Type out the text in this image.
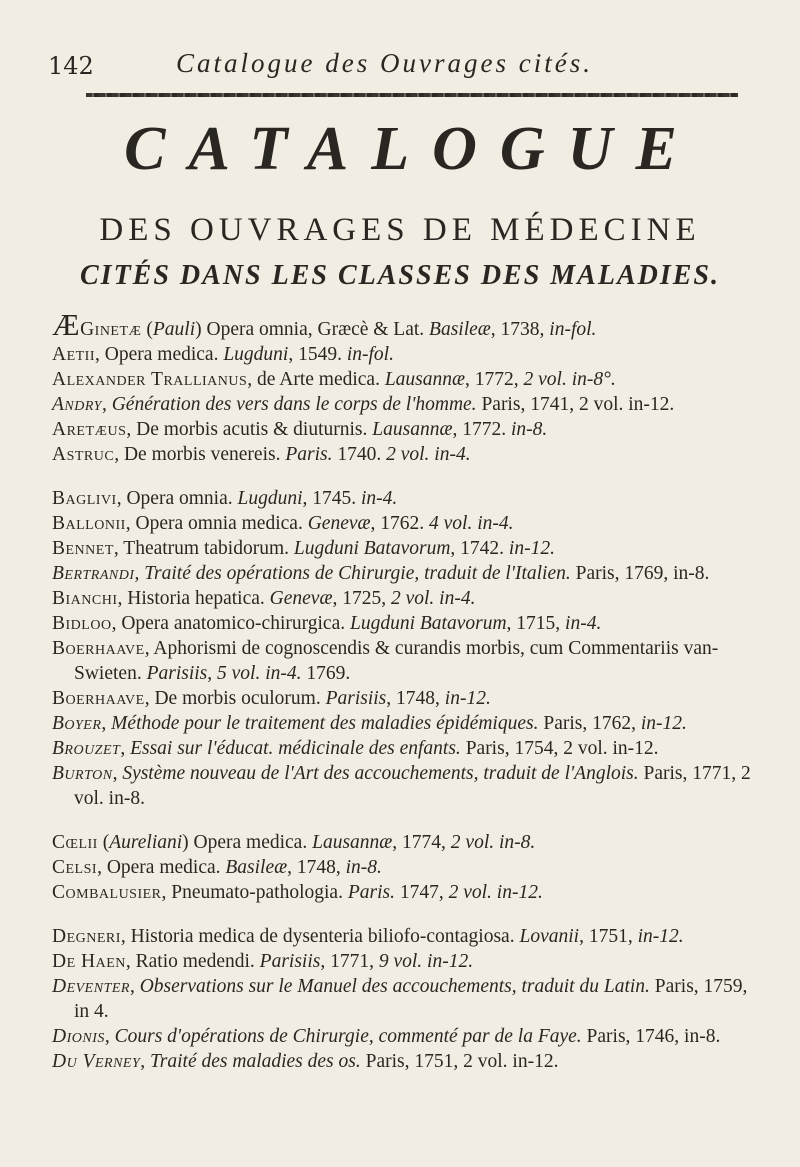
142	Catalogue des Ouvrages cités.
CATALOGUE
DES OUVRAGES DE MÉDECINE
CITÉS DANS LES CLASSES DES MALADIES.
ÆGinetæ (Pauli) Opera omnia, Græcè & Lat. Basileæ, 1738, in-fol.
Aetii, Opera medica. Lugduni, 1549. in-fol.
Alexander Trallianus, de Arte medica. Lausannæ, 1772, 2 vol. in-8°.
Andry, Génération des vers dans le corps de l'homme. Paris, 1741, 2 vol. in-12.
Aretæus, De morbis acutis & diuturnis. Lausannæ, 1772. in-8.
Astruc, De morbis venereis. Paris. 1740. 2 vol. in-4.
Baglivi, Opera omnia. Lugduni, 1745. in-4.
Ballonii, Opera omnia medica. Genevæ, 1762. 4 vol. in-4.
Bennet, Theatrum tabidorum. Lugduni Batavorum, 1742. in-12.
Bertrandi, Traité des opérations de Chirurgie, traduit de l'Italien. Paris, 1769, in-8.
Bianchi, Historia hepatica. Genevæ, 1725, 2 vol. in-4.
Bidloo, Opera anatomico-chirurgica. Lugduni Batavorum, 1715, in-4.
Boerhaave, Aphorismi de cognoscendis & curandis morbis, cum Commentariis van-Swieten. Parisiis, 5 vol. in-4. 1769.
Boerhaave, De morbis oculorum. Parisiis, 1748, in-12.
Boyer, Méthode pour le traitement des maladies épidémiques. Paris, 1762, in-12.
Brouzet, Essai sur l'éducat. médicinale des enfants. Paris, 1754, 2 vol. in-12.
Burton, Système nouveau de l'Art des accouchements, traduit de l'Anglois. Paris, 1771, 2 vol. in-8.
Cœlii (Aureliani) Opera medica. Lausannæ, 1774, 2 vol. in-8.
Celsi, Opera medica. Basileæ, 1748, in-8.
Combalusier, Pneumato-pathologia. Paris. 1747, 2 vol. in-12.
Degneri, Historia medica de dysenteria biliofo-contagiosa. Lovanii, 1751, in-12.
De Haen, Ratio medendi. Parisiis, 1771, 9 vol. in-12.
Deventer, Observations sur le Manuel des accouchements, traduit du Latin. Paris, 1759, in 4.
Dionis, Cours d'opérations de Chirurgie, commenté par de la Faye. Paris, 1746, in-8.
Du Verney, Traité des maladies des os. Paris, 1751, 2 vol. in-12.
